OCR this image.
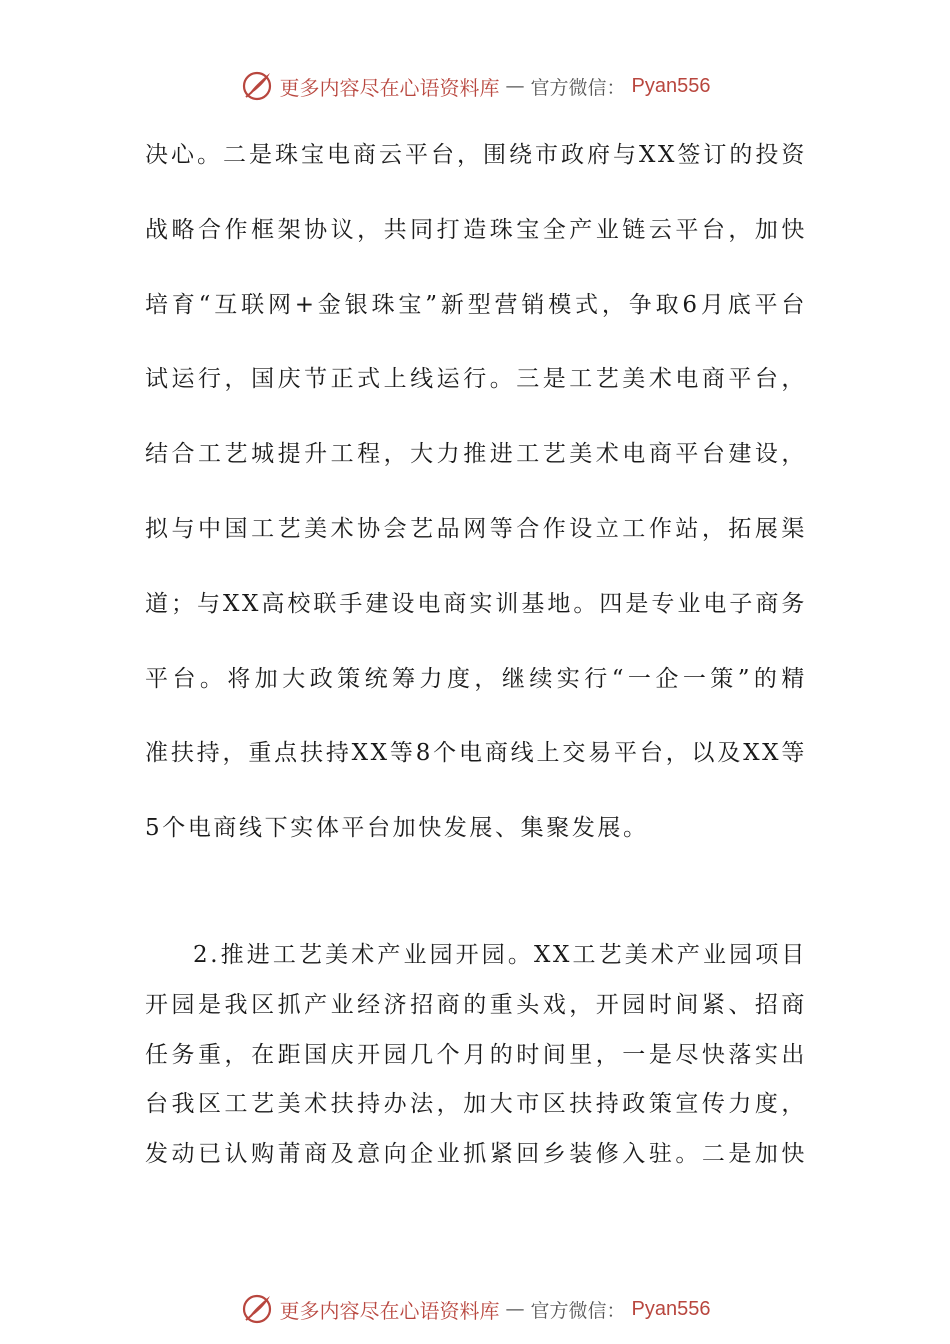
更多内容尽在心语资料库 — 官方微信： Pyan556
决心。二是珠宝电商云平台，围绕市政府与XX签订的投资
战略合作框架协议，共同打造珠宝全产业链云平台，加快
培育“互联网+金银珠宝”新型营销模式，争取6月底平台
试运行，国庆节正式上线运行。三是工艺美术电商平台，
结合工艺城提升工程，大力推进工艺美术电商平台建设，
拟与中国工艺美术协会艺品网等合作设立工作站，拓展渠
道；与XX高校联手建设电商实训基地。四是专业电子商务
平台。将加大政策统筹力度，继续实行“一企一策”的精
准扶持，重点扶持XX等8个电商线上交易平台，以及XX等
5个电商线下实体平台加快发展、集聚发展。
2.推进工艺美术产业园开园。XX工艺美术产业园项目
开园是我区抓产业经济招商的重头戏，开园时间紧、招商
任务重，在距国庆开园几个月的时间里，一是尽快落实出
台我区工艺美术扶持办法，加大市区扶持政策宣传力度，
发动已认购莆商及意向企业抓紧回乡装修入驻。二是加快
更多内容尽在心语资料库 — 官方微信： Pyan556
